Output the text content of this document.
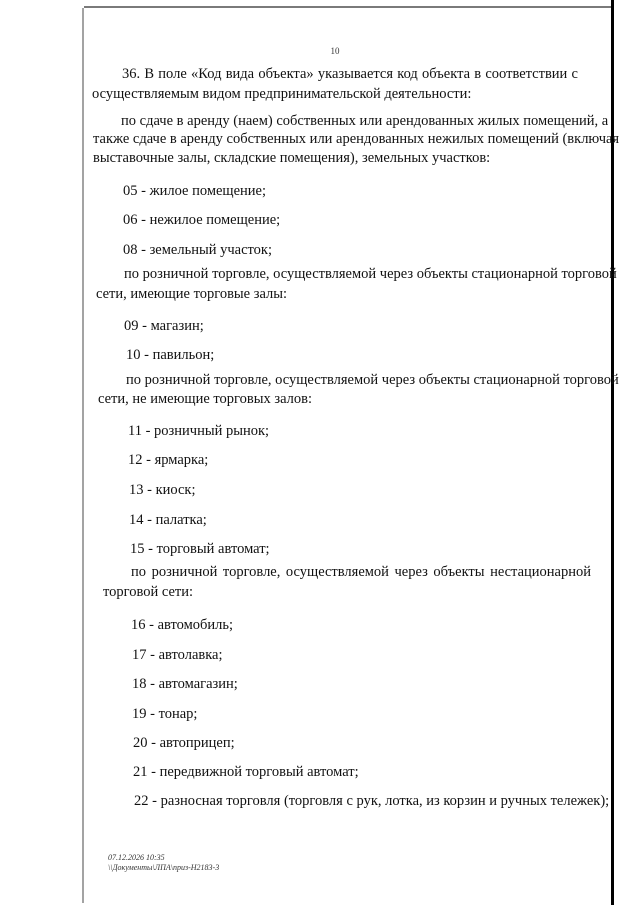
10
36. В поле «Код вида объекта» указывается код объекта в соответствии с
осуществляемым видом предпринимательской деятельности:
по сдаче в аренду (наем) собственных или арендованных жилых помещений, а
также сдаче в аренду собственных или арендованных нежилых помещений (включая
выставочные залы, складские помещения), земельных участков:
05 - жилое помещение;
06 - нежилое помещение;
08 - земельный участок;
по розничной торговле, осуществляемой через объекты стационарной торговой
сети, имеющие торговые залы:
09 - магазин;
10 - павильон;
по розничной торговле, осуществляемой через объекты стационарной торговой
сети, не имеющие торговых залов:
11 - розничный рынок;
12 - ярмарка;
13 - киоск;
14 - палатка;
15 - торговый автомат;
по розничной торговле, осуществляемой через объекты нестационарной
торговой сети:
16 - автомобиль;
17 - автолавка;
18 - автомагазин;
19 - тонар;
20 - автоприцеп;
21 - передвижной торговый автомат;
22 - разносная торговля (торговля с рук, лотка, из корзин и ручных тележек);
07.12.2026 10:35
\\Документы\ЛПА\приз-Н2183-3
